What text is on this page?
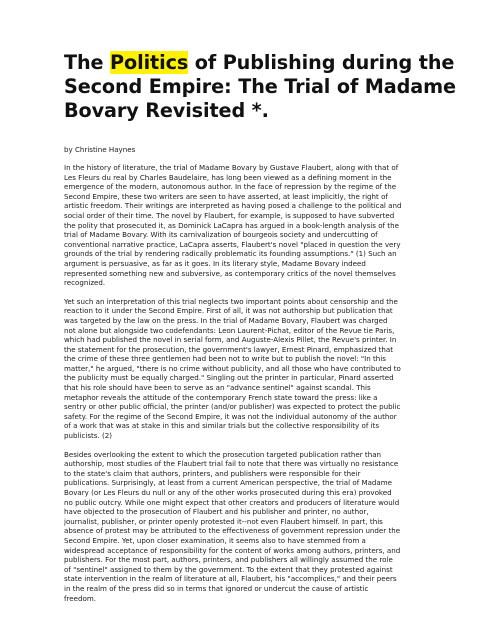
The Politics of Publishing during the Second Empire: The Trial of Madame Bovary Revisited *.

by Christine Haynes

In the history of literature, the trial of Madame Bovary by Gustave Flaubert, along with that of
Les Fleurs du real by Charles Baudelaire, has long been viewed as a defining moment in the
emergence of the modern, autonomous author. In the face of repression by the regime of the
Second Empire, these two writers are seen to have asserted, at least implicitly, the right of
artistic freedom. Their writings are interpreted as having posed a challenge to the political and
social order of their time. The novel by Flaubert, for example, is supposed to have subverted
the polity that prosecuted it, as Dominick LaCapra has argued in a book-length analysis of the
trial of Madame Bovary. With its carnivalization of bourgeois society and undercutting of
conventional narrative practice, LaCapra asserts, Flaubert's novel "placed in question the very
grounds of the trial by rendering radically problematic its founding assumptions." (1) Such an
argument is persuasive, as far as it goes. In its literary style, Madame Bovary indeed
represented something new and subversive, as contemporary critics of the novel themselves
recognized.

Yet such an interpretation of this trial neglects two important points about censorship and the
reaction to it under the Second Empire. First of all, it was not authorship but publication that
was targeted by the law on the press. In the trial of Madame Bovary, Flaubert was charged
not alone but alongside two codefendants: Leon Laurent-Pichat, editor of the Revue tie Paris,
which had published the novel in serial form, and Auguste-Alexis Pillet, the Revue's printer. In
the statement for the prosecution, the government's lawyer, Ernest Pinard, emphasized that
the crime of these three gentlemen had been not to write but to publish the novel: "In this
matter," he argued, "there is no crime without publicity, and all those who have contributed to
the publicity must be equally charged." Singling out the printer in particular, Pinard asserted
that his role should have been to serve as an "advance sentinel" against scandal. This
metaphor reveals the attitude of the contemporary French state toward the press: like a
sentry or other public official, the printer (and/or publisher) was expected to protect the public
safety. For the regime of the Second Empire, it was not the individual autonomy of the author
of a work that was at stake in this and similar trials but the collective responsibility of its
publicists. (2)

Besides overlooking the extent to which the prosecution targeted publication rather than
authorship, most studies of the Flaubert trial fail to note that there was virtually no resistance
to the state's claim that authors, printers, and publishers were responsible for their
publications. Surprisingly, at least from a current American perspective, the trial of Madame
Bovary (or Les Fleurs du null or any of the other works prosecuted during this era) provoked
no public outcry. While one might expect that other creators and producers of literature would
have objected to the prosecution of Flaubert and his publisher and printer, no author,
journalist, publisher, or printer openly protested it--not even Flaubert himself. In part, this
absence of protest may be attributed to the effectiveness of government repression under the
Second Empire. Yet, upon closer examination, it seems also to have stemmed from a
widespread acceptance of responsibility for the content of works among authors, printers, and
publishers. For the most part, authors, printers, and publishers all willingly assumed the role
of "sentinel" assigned to them by the government. To the extent that they protested against
state intervention in the realm of literature at all, Flaubert, his "accomplices," and their peers
in the realm of the press did so in terms that ignored or undercut the cause of artistic
freedom.
